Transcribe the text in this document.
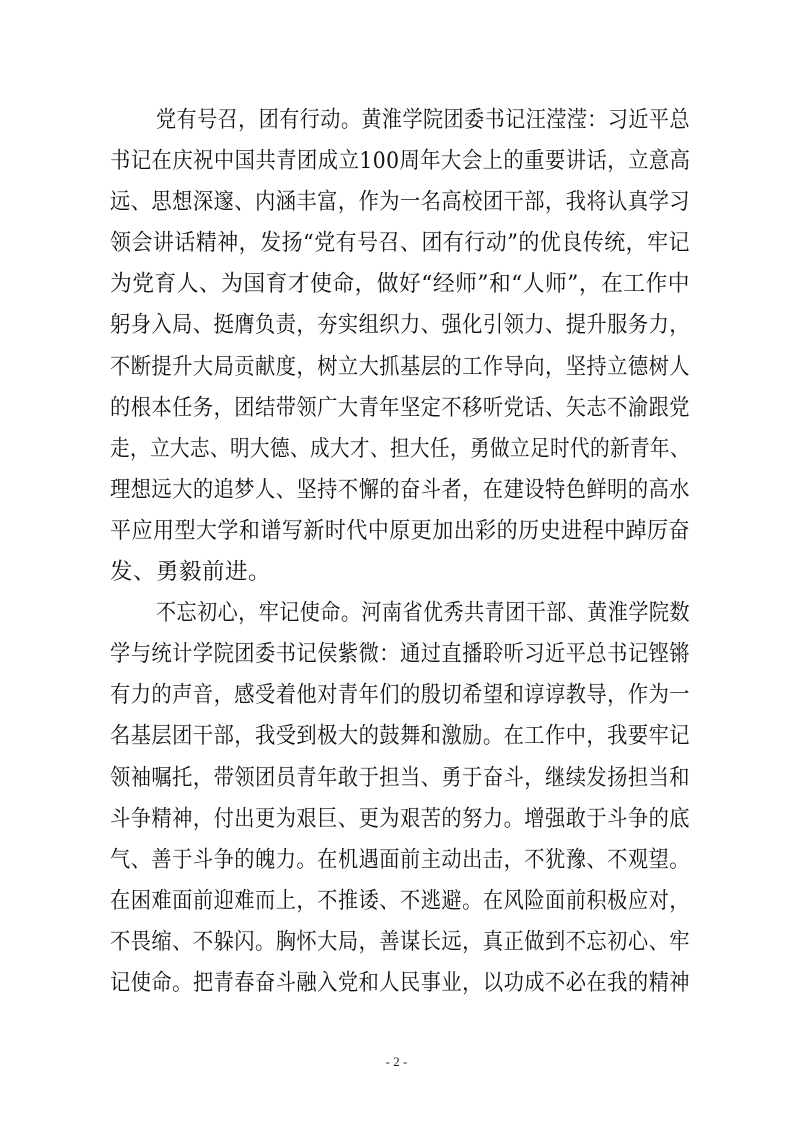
党有号召，团有行动。黄淮学院团委书记汪滢滢：习近平总
书记在庆祝中国共青团成立100周年大会上的重要讲话，立意高
远、思想深邃、内涵丰富，作为一名高校团干部，我将认真学习
领会讲话精神，发扬“党有号召、团有行动”的优良传统，牢记
为党育人、为国育才使命，做好“经师”和“人师”，在工作中
躬身入局、挺膺负责，夯实组织力、强化引领力、提升服务力，
不断提升大局贡献度，树立大抓基层的工作导向，坚持立德树人
的根本任务，团结带领广大青年坚定不移听党话、矢志不渝跟党
走，立大志、明大德、成大才、担大任，勇做立足时代的新青年、
理想远大的追梦人、坚持不懈的奋斗者，在建设特色鲜明的高水
平应用型大学和谱写新时代中原更加出彩的历史进程中踔厉奋
发、勇毅前进。
不忘初心，牢记使命。河南省优秀共青团干部、黄淮学院数
学与统计学院团委书记侯紫微：通过直播聆听习近平总书记铿锵
有力的声音，感受着他对青年们的殷切希望和谆谆教导，作为一
名基层团干部，我受到极大的鼓舞和激励。在工作中，我要牢记
领袖嘱托，带领团员青年敢于担当、勇于奋斗，继续发扬担当和
斗争精神，付出更为艰巨、更为艰苦的努力。增强敢于斗争的底
气、善于斗争的魄力。在机遇面前主动出击，不犹豫、不观望。
在困难面前迎难而上，不推诿、不逃避。在风险面前积极应对，
不畏缩、不躲闪。胸怀大局，善谋长远，真正做到不忘初心、牢
记使命。把青春奋斗融入党和人民事业，以功成不必在我的精神
- 2 -
